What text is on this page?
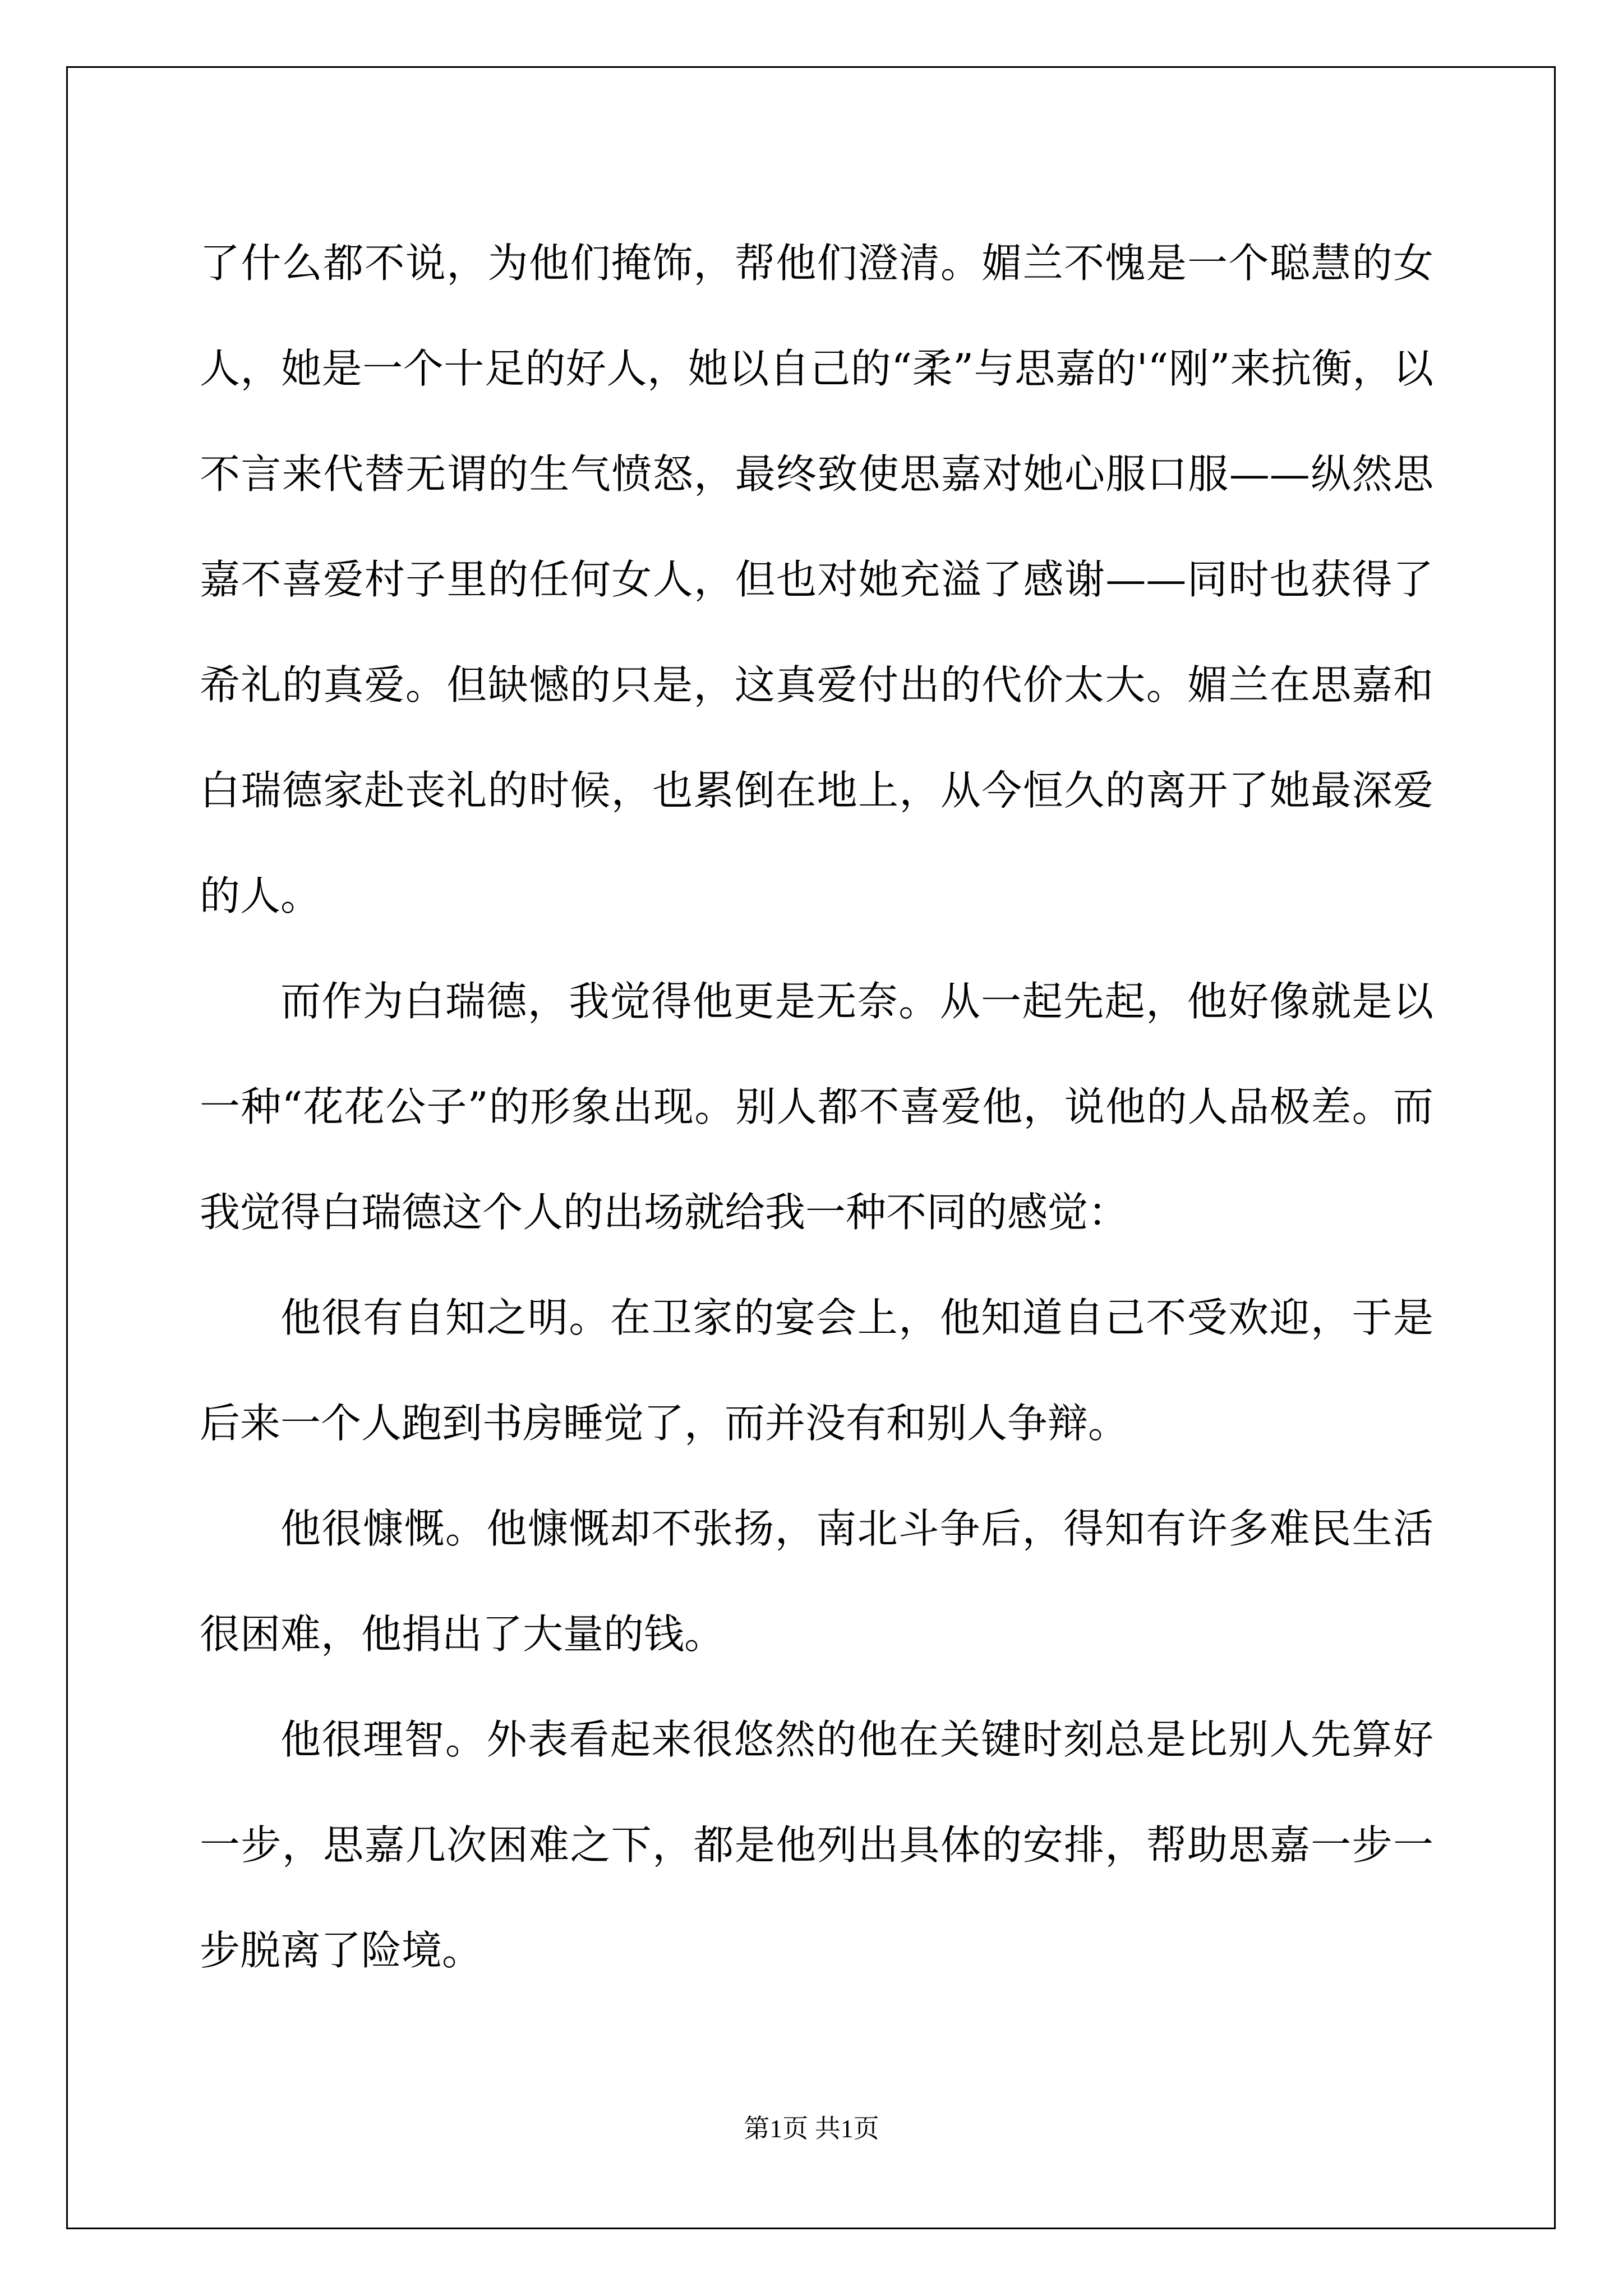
了什么都不说，为他们掩饰，帮他们澄清。媚兰不愧是一个聪慧的女人，她是一个十足的好人，她以自己的“柔”与思嘉的'“刚”来抗衡，以不言来代替无谓的生气愤怒，最终致使思嘉对她心服口服——纵然思嘉不喜爱村子里的任何女人，但也对她充溢了感谢——同时也获得了希礼的真爱。但缺憾的只是，这真爱付出的代价太大。媚兰在思嘉和白瑞德家赴丧礼的时候，也累倒在地上，从今恒久的离开了她最深爱的人。

而作为白瑞德，我觉得他更是无奈。从一起先起，他好像就是以一种“花花公子”的形象出现。别人都不喜爱他，说他的人品极差。而我觉得白瑞德这个人的出场就给我一种不同的感觉：

他很有自知之明。在卫家的宴会上，他知道自己不受欢迎，于是后来一个人跑到书房睡觉了，而并没有和别人争辩。

他很慷慨。他慷慨却不张扬，南北斗争后，得知有许多难民生活很困难，他捐出了大量的钱。

他很理智。外表看起来很悠然的他在关键时刻总是比别人先算好一步，思嘉几次困难之下，都是他列出具体的安排，帮助思嘉一步一步脱离了险境。

第1页 共1页
